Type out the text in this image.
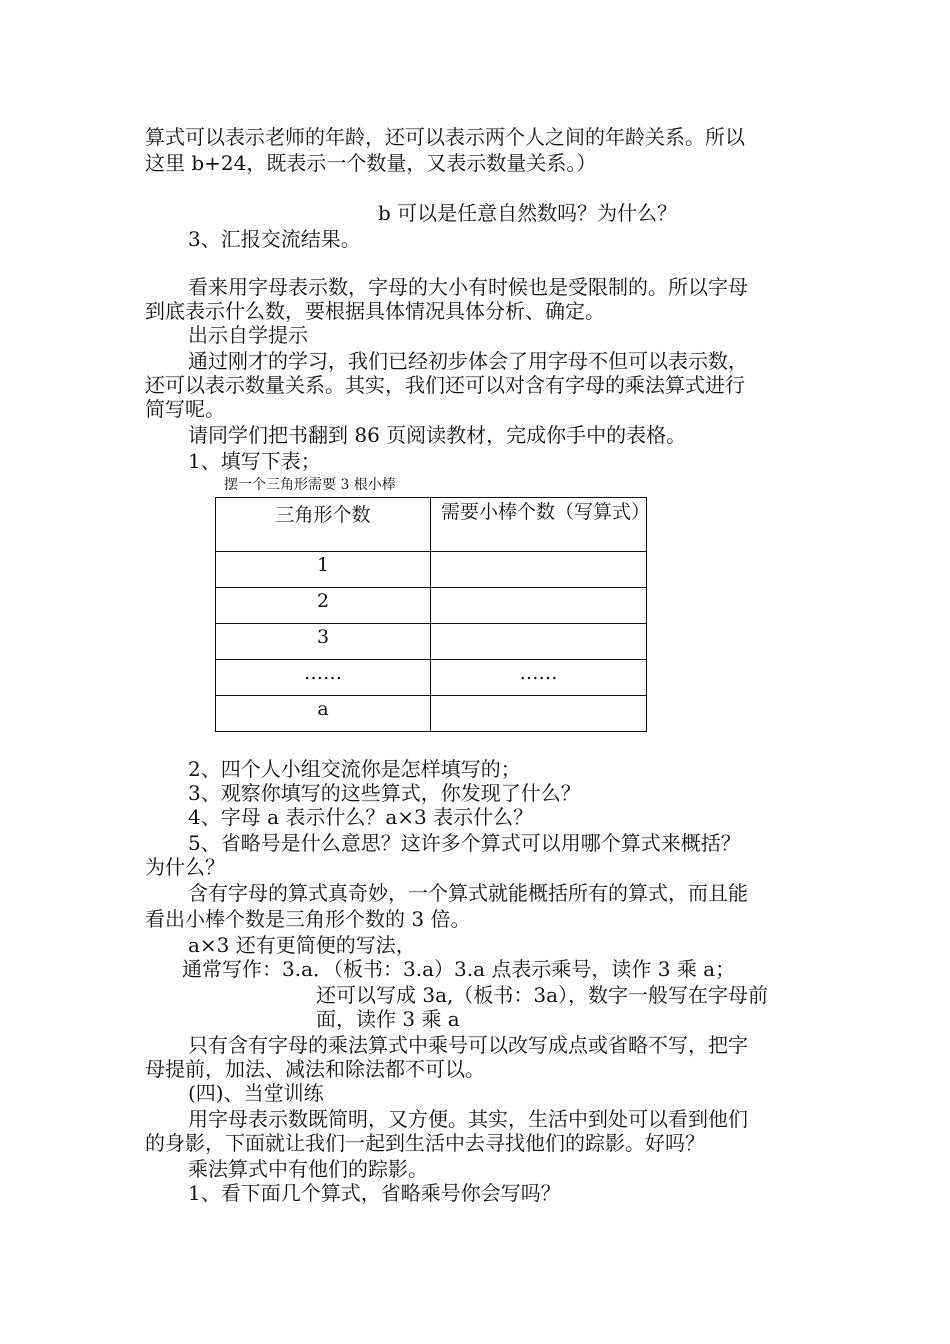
算式可以表示老师的年龄，还可以表示两个人之间的年龄关系。所以
这里 b+24，既表示一个数量，又表示数量关系。）
b 可以是任意自然数吗？为什么？
3、汇报交流结果。
看来用字母表示数，字母的大小有时候也是受限制的。所以字母
到底表示什么数，要根据具体情况具体分析、确定。
出示自学提示
通过刚才的学习，我们已经初步体会了用字母不但可以表示数，
还可以表示数量关系。其实，我们还可以对含有字母的乘法算式进行
简写呢。
请同学们把书翻到 86 页阅读教材，完成你手中的表格。
1、填写下表；
摆一个三角形需要 3 根小棒
三角形个数	需要小棒个数（写算式）
1	
2	
3	
……	……
a	
2、四个人小组交流你是怎样填写的；
3、观察你填写的这些算式，你发现了什么？
4、字母 a 表示什么？a×3 表示什么？
5、省略号是什么意思？这许多个算式可以用哪个算式来概括？
为什么？
含有字母的算式真奇妙，一个算式就能概括所有的算式，而且能
看出小棒个数是三角形个数的 3 倍。
a×3 还有更简便的写法，
通常写作：3.a．（板书：3.a）3.a 点表示乘号，读作 3 乘 a；
还可以写成 3a,（板书：3a），数字一般写在字母前
面，读作 3 乘 a
只有含有字母的乘法算式中乘号可以改写成点或省略不写，把字
母提前，加法、减法和除法都不可以。
(四)、当堂训练
用字母表示数既简明，又方便。其实，生活中到处可以看到他们
的身影，下面就让我们一起到生活中去寻找他们的踪影。好吗？
乘法算式中有他们的踪影。
1、看下面几个算式，省略乘号你会写吗？
